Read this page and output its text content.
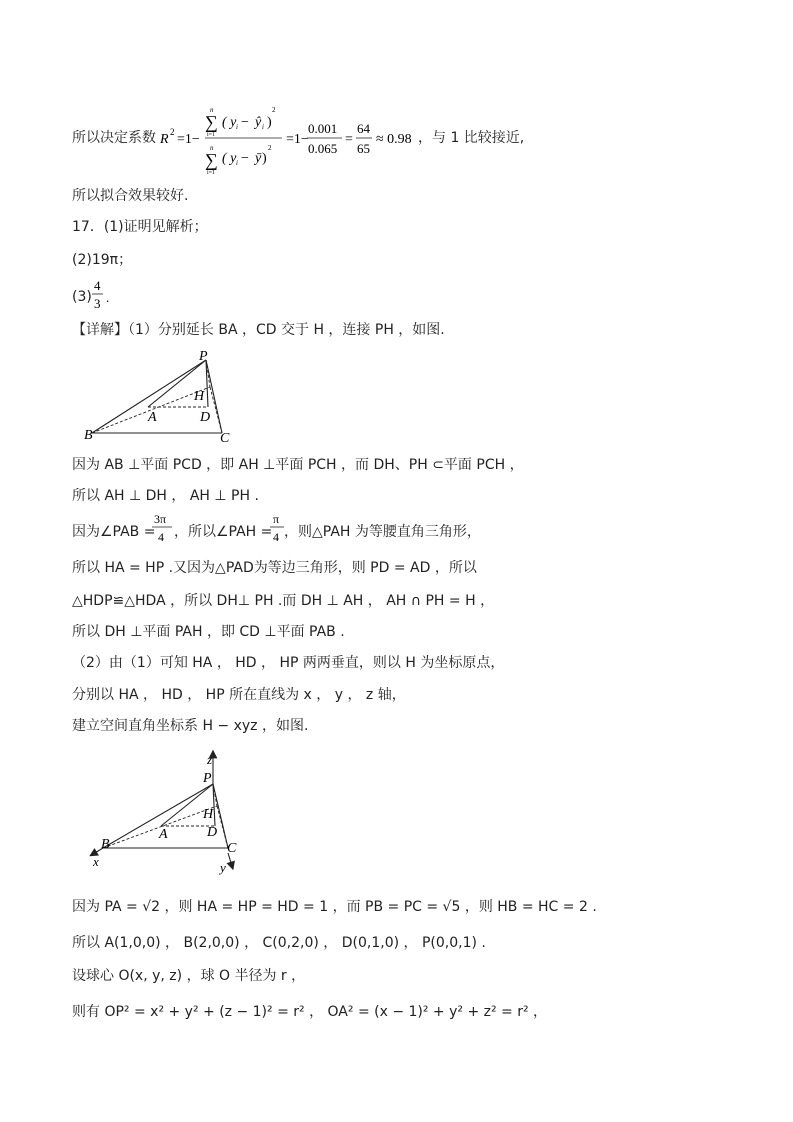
所以决定系数 R 2 =1−
n
∑
i=1
( y i − ŷ i )
2
n
∑
i=1
( y i − ȳ )
2
=1−
0.001
0.065
=
64
65
≈ 0.98 ，与 1 比较接近,
所以拟合效果较好.
17．(1)证明见解析；
(2)19π；
(3)
4
3 .
【详解】（1）分别延长 BA ，CD 交于 H ，连接 PH ，如图.
P
H
A	D
B	C
因为 AB ⊥平面 PCD ，即 AH ⊥平面 PCH ，而 DH、PH ⊂平面 PCH ，
所以 AH ⊥ DH ， AH ⊥ PH .
因为∠PAB =
3π
4 ，所以∠PAH =
π
4 ，则△PAH 为等腰直角三角形，
所以 HA = HP .又因为△PAD为等边三角形，则 PD = AD ，所以
△HDP≌△HDA ，所以 DH⊥ PH .而 DH ⊥ AH ， AH ∩ PH = H ，
所以 DH ⊥平面 PAH ，即 CD ⊥平面 PAB .
（2）由（1）可知 HA ， HD ， HP 两两垂直，则以 H 为坐标原点，
分别以 HA ， HD ， HP 所在直线为 x ， y ， z 轴，
建立空间直角坐标系 H − xyz ，如图.
z
P
H
A	D
B	C
x	y
因为 PA = √2 ，则 HA = HP = HD = 1 ，而 PB = PC = √5 ，则 HB = HC = 2 .
所以 A(1,0,0) ， B(2,0,0) ， C(0,2,0) ， D(0,1,0) ， P(0,0,1) .
设球心 O(x, y, z) ，球 O 半径为 r ，
则有 OP² = x² + y² + (z − 1)² = r² ， OA² = (x − 1)² + y² + z² = r² ，
